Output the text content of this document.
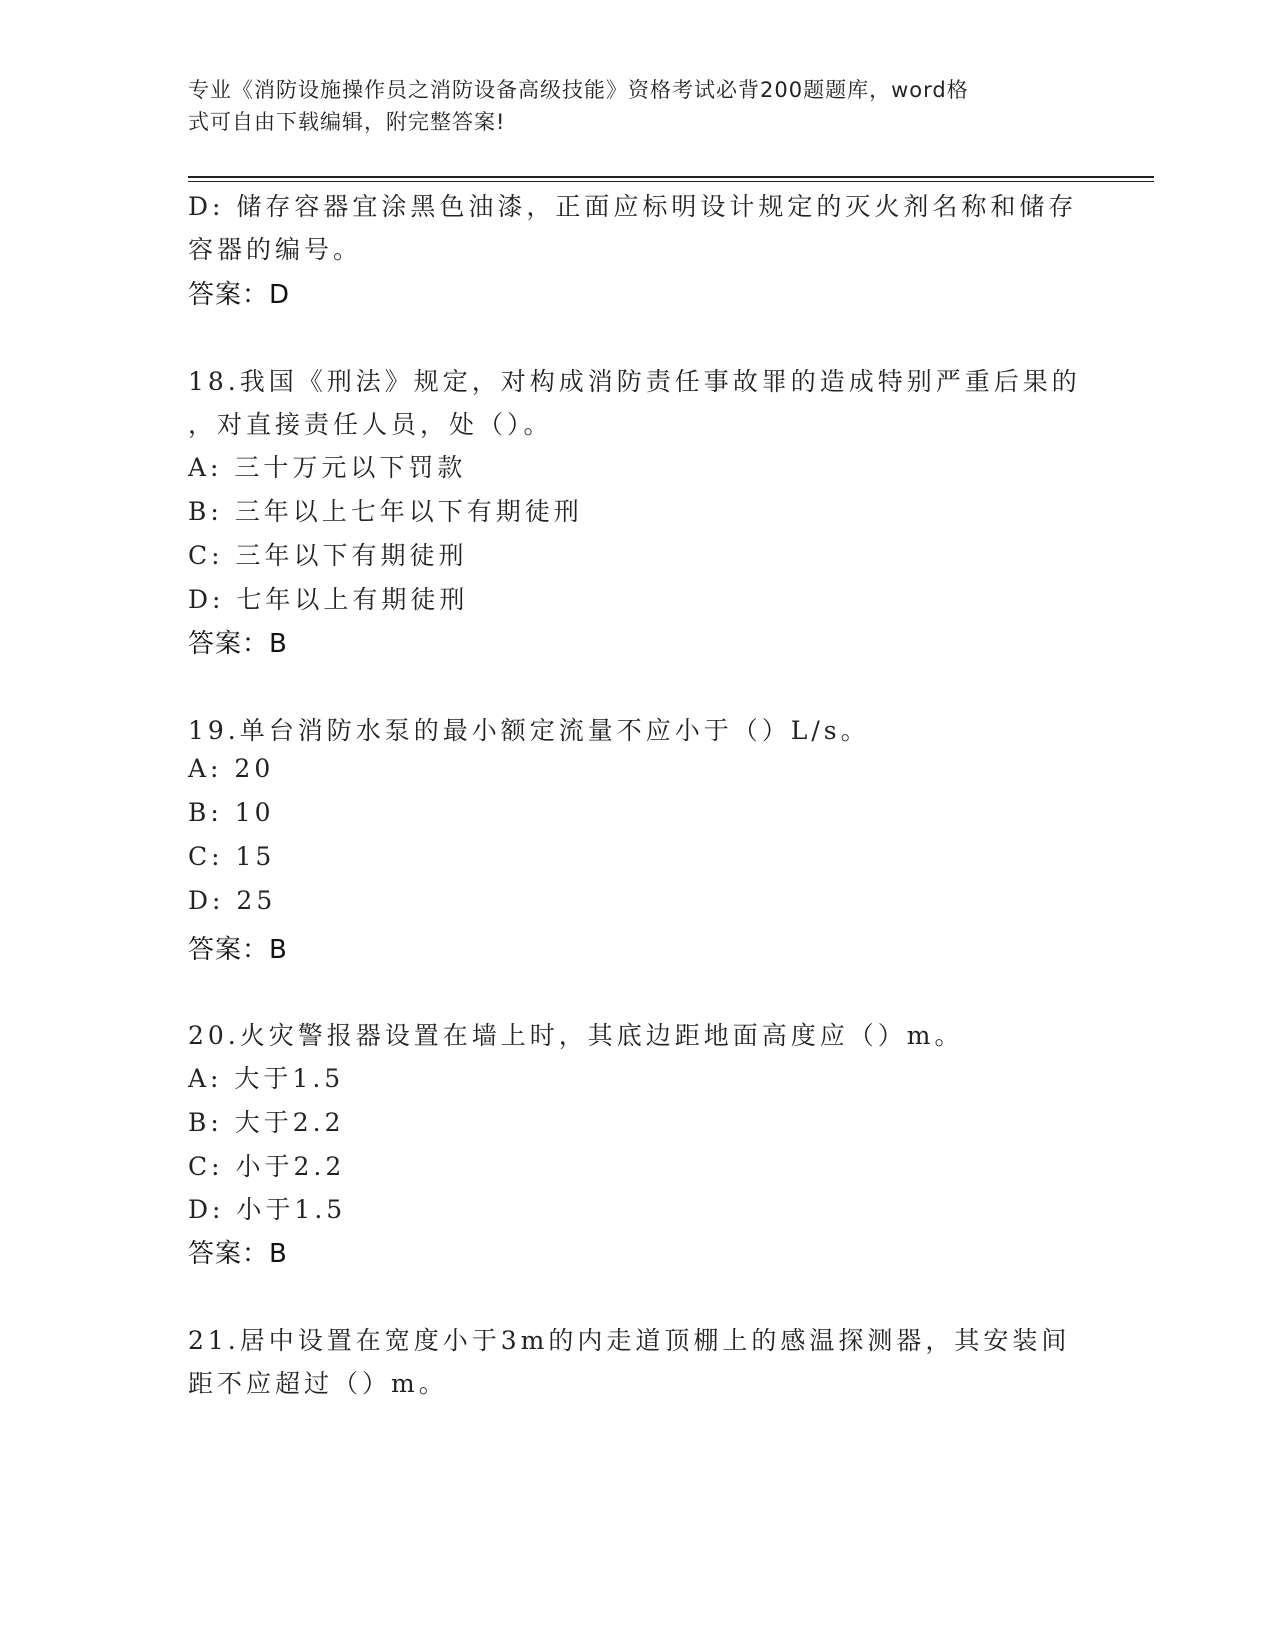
专业《消防设施操作员之消防设备高级技能》资格考试必背200题题库，word格
式可自由下载编辑，附完整答案!
D: 储存容器宜涂黑色油漆，正面应标明设计规定的灭火剂名称和储存
容器的编号。
答案：D
18.我国《刑法》规定，对构成消防责任事故罪的造成特别严重后果的
，对直接责任人员，处（）。
A: 三十万元以下罚款
B: 三年以上七年以下有期徒刑
C: 三年以下有期徒刑
D: 七年以上有期徒刑
答案：B
19.单台消防水泵的最小额定流量不应小于（）L/s。
A: 20
B: 10
C: 15
D: 25
答案：B
20.火灾警报器设置在墙上时，其底边距地面高度应（）m。
A: 大于1.5
B: 大于2.2
C: 小于2.2
D: 小于1.5
答案：B
21.居中设置在宽度小于3m的内走道顶棚上的感温探测器，其安装间
距不应超过（）m。
